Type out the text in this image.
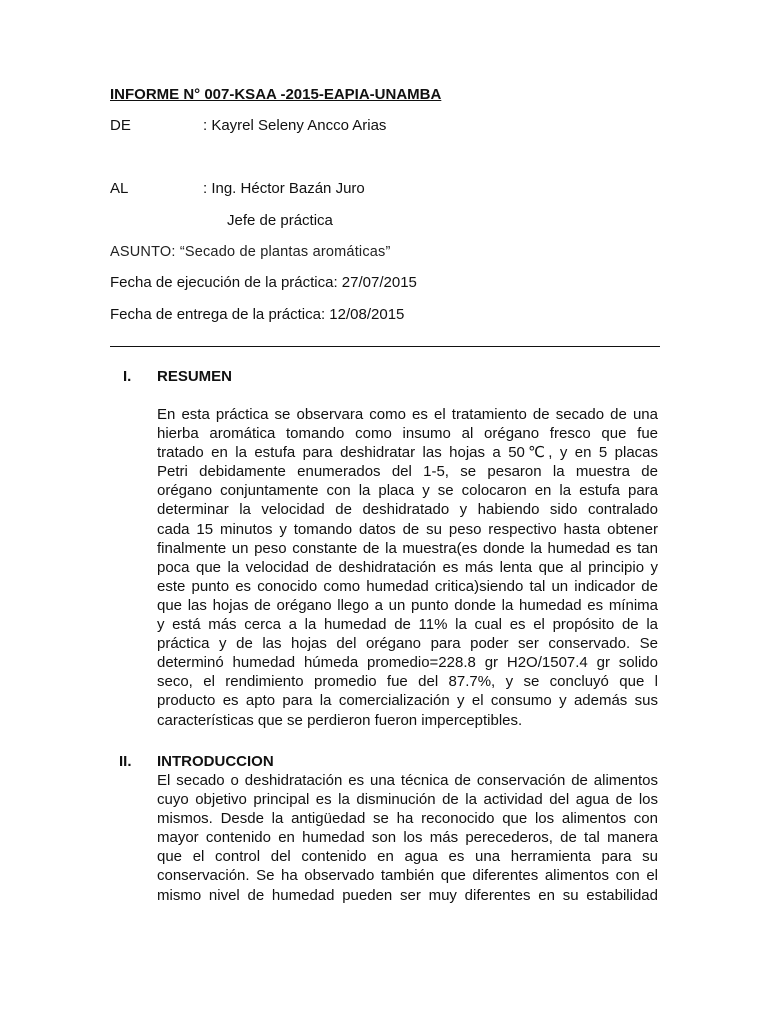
INFORME N° 007-KSAA -2015-EAPIA-UNAMBA
DE	: Kayrel Seleny Ancco Arias
AL	: Ing. Héctor Bazán Juro
Jefe de práctica
ASUNTO: “Secado de plantas aromáticas”
Fecha de ejecución de la práctica: 27/07/2015
Fecha de entrega de la práctica: 12/08/2015
I. RESUMEN
En esta práctica se observara como es el tratamiento de secado de una
hierba aromática tomando como insumo al orégano fresco que fue
tratado en la estufa para deshidratar las hojas a 50℃, y en 5 placas
Petri debidamente enumerados del 1-5, se pesaron la muestra de
orégano conjuntamente con la placa y se colocaron en la estufa para
determinar la velocidad de deshidratado y habiendo sido contralado
cada 15 minutos y tomando datos de su peso respectivo hasta obtener
finalmente un peso constante de la muestra(es donde la humedad es tan
poca que la velocidad de deshidratación es más lenta que al principio y
este punto es conocido como humedad critica)siendo tal un indicador de
que las hojas de orégano llego a un punto donde la humedad es mínima
y está más cerca a la humedad de 11% la cual es el propósito de la
práctica y de las hojas del orégano para poder ser conservado. Se
determinó humedad húmeda promedio=228.8 gr H2O/1507.4 gr solido
seco, el rendimiento promedio fue del 87.7%, y se concluyó que l
producto es apto para la comercialización y el consumo y además sus
características que se perdieron fueron imperceptibles.
II. INTRODUCCION
El secado o deshidratación es una técnica de conservación de alimentos
cuyo objetivo principal es la disminución de la actividad del agua de los
mismos. Desde la antigüedad se ha reconocido que los alimentos con
mayor contenido en humedad son los más perecederos, de tal manera
que el control del contenido en agua es una herramienta para su
conservación. Se ha observado también que diferentes alimentos con el
mismo nivel de humedad pueden ser muy diferentes en su estabilidad
